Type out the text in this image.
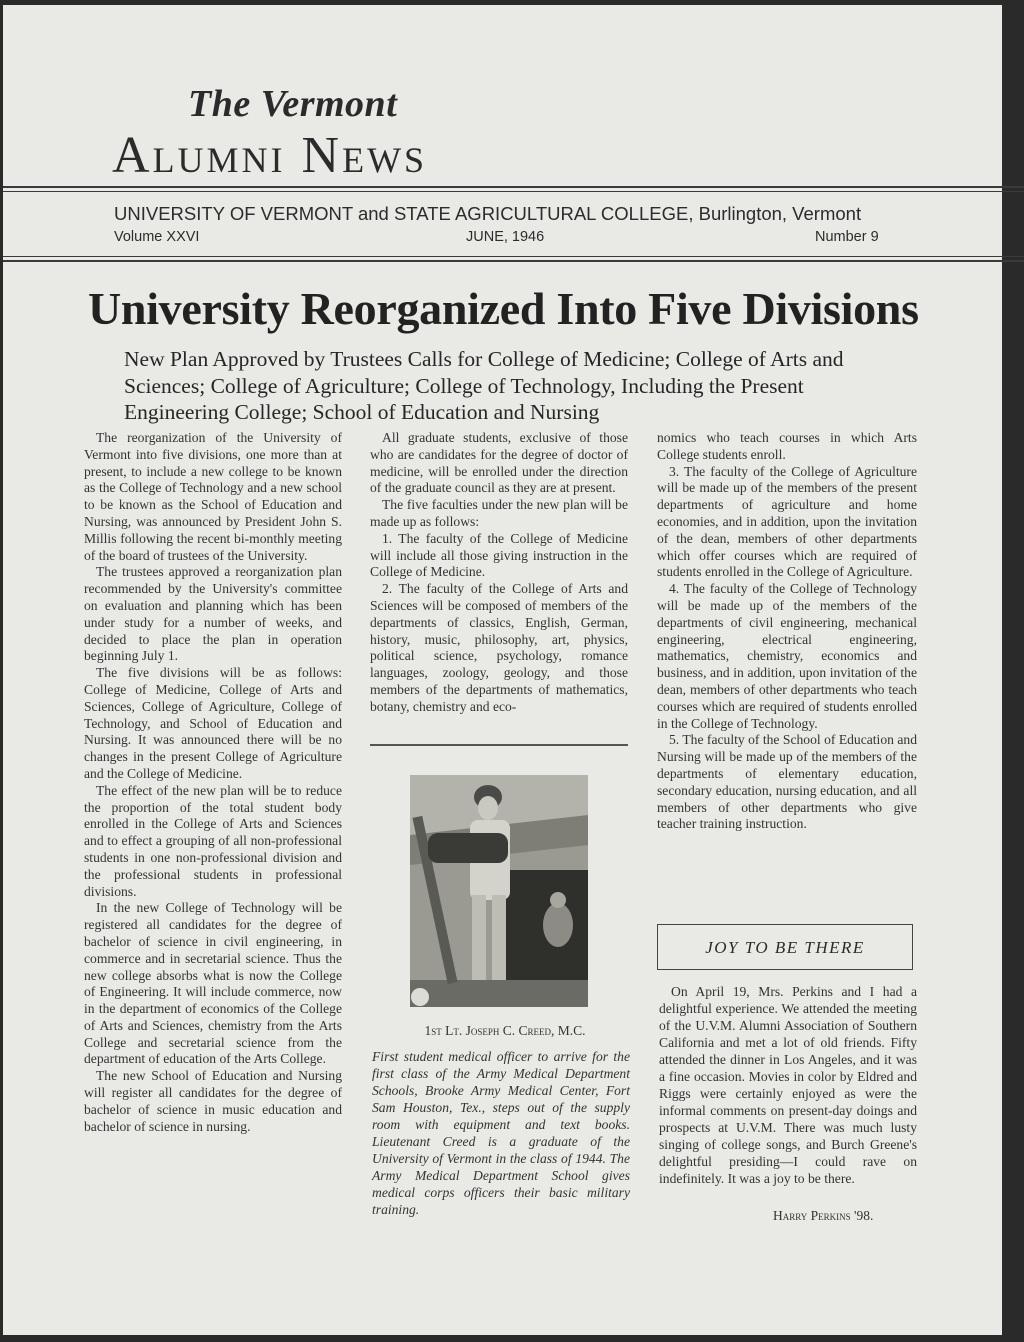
The Vermont
Alumni News
UNIVERSITY OF VERMONT and STATE AGRICULTURAL COLLEGE, Burlington, Vermont
Volume XXVI	JUNE, 1946	Number 9
University Reorganized Into Five Divisions
New Plan Approved by Trustees Calls for College of Medicine; College of Arts and Sciences; College of Agriculture; College of Technology, Including the Present Engineering College; School of Education and Nursing

The reorganization of the University of Vermont into five divisions, one more than at present, to include a new college to be known as the College of Technology and a new school to be known as the School of Education and Nursing, was announced by President John S. Millis following the recent bi-monthly meeting of the board of trustees of the University.

The trustees approved a reorganization plan recommended by the University's committee on evaluation and planning which has been under study for a number of weeks, and decided to place the plan in operation beginning July 1.

The five divisions will be as follows: College of Medicine, College of Arts and Sciences, College of Agriculture, College of Technology, and School of Education and Nursing. It was announced there will be no changes in the present College of Agriculture and the College of Medicine.

The effect of the new plan will be to reduce the proportion of the total student body enrolled in the College of Arts and Sciences and to effect a grouping of all non-professional students in one non-professional division and the professional students in professional divisions.

In the new College of Technology will be registered all candidates for the degree of bachelor of science in civil engineering, in commerce and in secretarial science. Thus the new college absorbs what is now the College of Engineering. It will include commerce, now in the department of economics of the College of Arts and Sciences, chemistry from the Arts College and secretarial science from the department of education of the Arts College.

The new School of Education and Nursing will register all candidates for the degree of bachelor of science in music education and bachelor of science in nursing.

All graduate students, exclusive of those who are candidates for the degree of doctor of medicine, will be enrolled under the direction of the graduate council as they are at present.

The five faculties under the new plan will be made up as follows:

1. The faculty of the College of Medicine will include all those giving instruction in the College of Medicine.

2. The faculty of the College of Arts and Sciences will be composed of members of the departments of classics, English, German, history, music, philosophy, art, physics, political science, psychology, romance languages, zoology, geology, and those members of the departments of mathematics, botany, chemistry and eco-

1st Lt. Joseph C. Creed, M.C.
First student medical officer to arrive for the first class of the Army Medical Department Schools, Brooke Army Medical Center, Fort Sam Houston, Tex., steps out of the supply room with equipment and text books. Lieutenant Creed is a graduate of the University of Vermont in the class of 1944. The Army Medical Department School gives medical corps officers their basic military training.

nomics who teach courses in which Arts College students enroll.

3. The faculty of the College of Agriculture will be made up of the members of the present departments of agriculture and home economies, and in addition, upon the invitation of the dean, members of other departments which offer courses which are required of students enrolled in the College of Agriculture.

4. The faculty of the College of Technology will be made up of the members of the departments of civil engineering, mechanical engineering, electrical engineering, mathematics, chemistry, economics and business, and in addition, upon invitation of the dean, members of other departments who teach courses which are required of students enrolled in the College of Technology.

5. The faculty of the School of Education and Nursing will be made up of the members of the departments of elementary education, secondary education, nursing education, and all members of other departments who give teacher training instruction.

JOY TO BE THERE

On April 19, Mrs. Perkins and I had a delightful experience. We attended the meeting of the U.V.M. Alumni Association of Southern California and met a lot of old friends. Fifty attended the dinner in Los Angeles, and it was a fine occasion. Movies in color by Eldred and Riggs were certainly enjoyed as were the informal comments on present-day doings and prospects at U.V.M. There was much lusty singing of college songs, and Burch Greene's delightful presiding—I could rave on indefinitely. It was a joy to be there.

Harry Perkins '98.
